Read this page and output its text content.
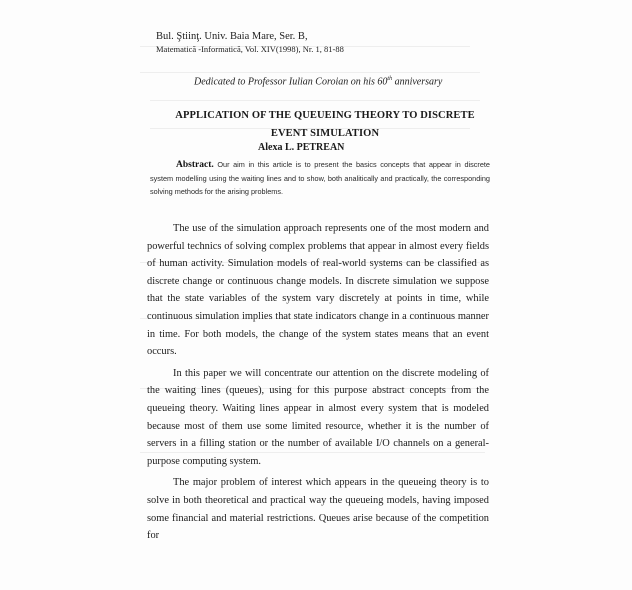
Bul. Ştiinţ. Univ. Baia Mare, Ser. B,
Matematică -Informatică, Vol. XIV(1998), Nr. 1, 81-88
Dedicated to Professor Iulian Coroian on his 60th anniversary
APPLICATION OF THE QUEUEING THEORY TO DISCRETE EVENT SIMULATION
Alexa L. PETREAN
Abstract. Our aim in this article is to present the basics concepts that appear in discrete system modelling using the waiting lines and to show, both analitically and practically, the corresponding solving methods for the arising problems.

The use of the simulation approach represents one of the most modern and powerful technics of solving complex problems that appear in almost every fields of human activity. Simulation models of real-world systems can be classified as discrete change or continuous change models. In discrete simulation we suppose that the state variables of the system vary discretely at points in time, while continuous simulation implies that state indicators change in a continuous manner in time. For both models, the change of the system states means that an event occurs.

In this paper we will concentrate our attention on the discrete modeling of the waiting lines (queues), using for this purpose abstract concepts from the queueing theory. Waiting lines appear in almost every system that is modeled because most of them use some limited resource, whether it is the number of servers in a filling station or the number of available I/O channels on a general-purpose computing system.

The major problem of interest which appears in the queueing theory is to solve in both theoretical and practical way the queueing models, having imposed some financial and material restrictions. Queues arise because of the competition for
